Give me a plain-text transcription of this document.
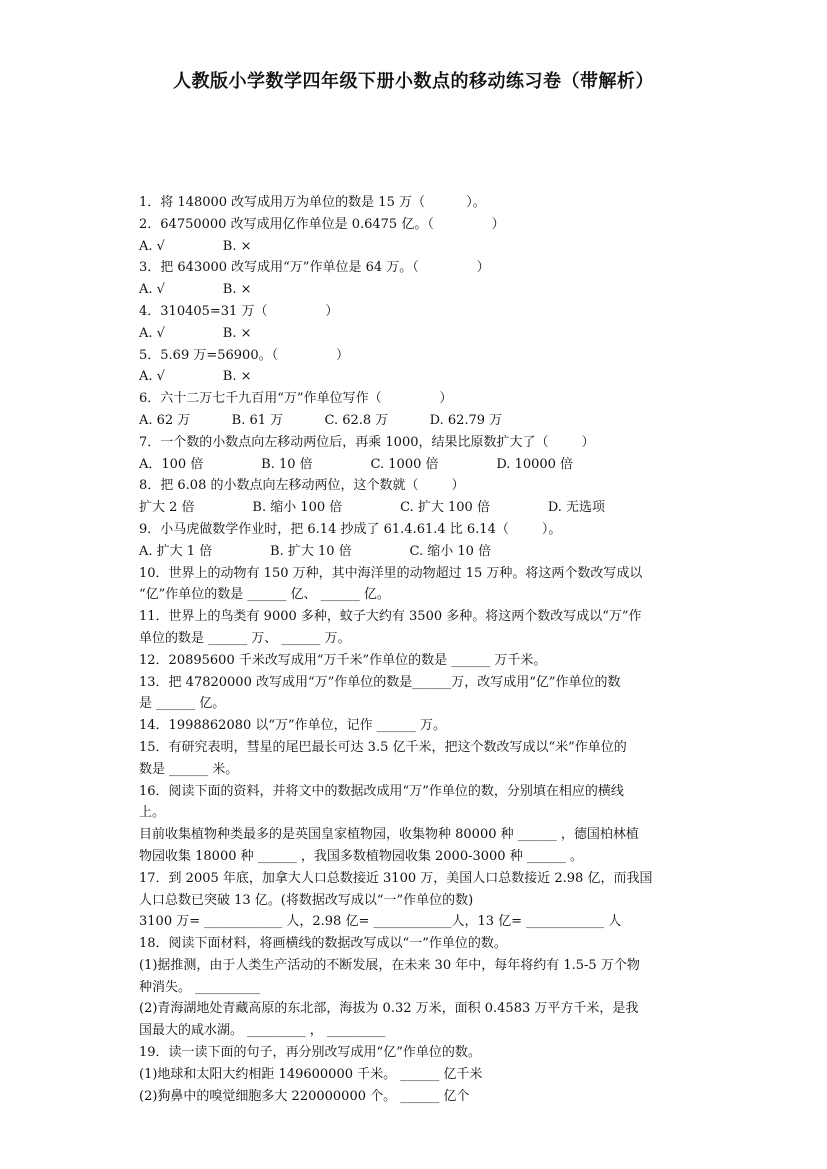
人教版小学数学四年级下册小数点的移动练习卷（带解析）
1．将 148000 改写成用万为单位的数是 15 万（          ）。
2．64750000 改写成用亿作单位是 0.6475 亿。（              ）
A. √              B. ×
3．把 643000 改写成用“万”作单位是 64 万。（              ）
A. √              B. ×
4．310405=31 万（              ）
A. √              B. ×
5．5.69 万=56900。（              ）
A. √              B. ×
6．六十二万七千九百用“万”作单位写作（              ）
A. 62 万          B. 61 万          C. 62.8 万          D. 62.79 万
7．一个数的小数点向左移动两位后，再乘 1000，结果比原数扩大了（        ）
A．100 倍              B. 10 倍              C. 1000 倍              D. 10000 倍
8．把 6.08 的小数点向左移动两位，这个数就（        ）
扩大 2 倍              B. 缩小 100 倍              C. 扩大 100 倍              D. 无选项
9．小马虎做数学作业时，把 6.14 抄成了 61.4.61.4 比 6.14（        ）。
A. 扩大 1 倍              B. 扩大 10 倍              C. 缩小 10 倍
10．世界上的动物有 150 万种，其中海洋里的动物超过 15 万种。将这两个数改写成以
“亿”作单位的数是 ______ 亿、 ______ 亿。
11．世界上的鸟类有 9000 多种，蚊子大约有 3500 多种。将这两个数改写成以“万”作
单位的数是 ______ 万、 ______ 万。
12．20895600 千米改写成用“万千米”作单位的数是 ______ 万千米。
13．把 47820000 改写成用“万”作单位的数是______万，改写成用“亿”作单位的数
是 ______ 亿。
14．1998862080 以“万”作单位，记作 ______ 万。
15．有研究表明，彗星的尾巴最长可达 3.5 亿千米，把这个数改写成以“米”作单位的
数是 ______ 米。
16．阅读下面的资料，并将文中的数据改成用“万”作单位的数，分别填在相应的横线
上。
目前收集植物种类最多的是英国皇家植物园，收集物种 80000 种 ______ ，德国柏林植
物园收集 18000 种 ______ ，我国多数植物园收集 2000-3000 种 ______ 。
17．到 2005 年底，加拿大人口总数接近 3100 万，美国人口总数接近 2.98 亿，而我国
人口总数已突破 13 亿。(将数据改写成以“一”作单位的数)
3100 万= ____________ 人，2.98 亿= ____________人，13 亿= ____________ 人
18．阅读下面材料，将画横线的数据改写成以“一”作单位的数。
(1)据推测，由于人类生产活动的不断发展，在未来 30 年中，每年将约有 1.5-5 万个物
种消失。 __________
(2)青海湖地处青藏高原的东北部，海拔为 0.32 万米，面积 0.4583 万平方千米，是我
国最大的咸水湖。 _________ ， _________
19．读一读下面的句子，再分别改写成用“亿”作单位的数。
(1)地球和太阳大约相距 149600000 千米。 ______ 亿千米
(2)狗鼻中的嗅觉细胞多大 220000000 个。 ______ 亿个
